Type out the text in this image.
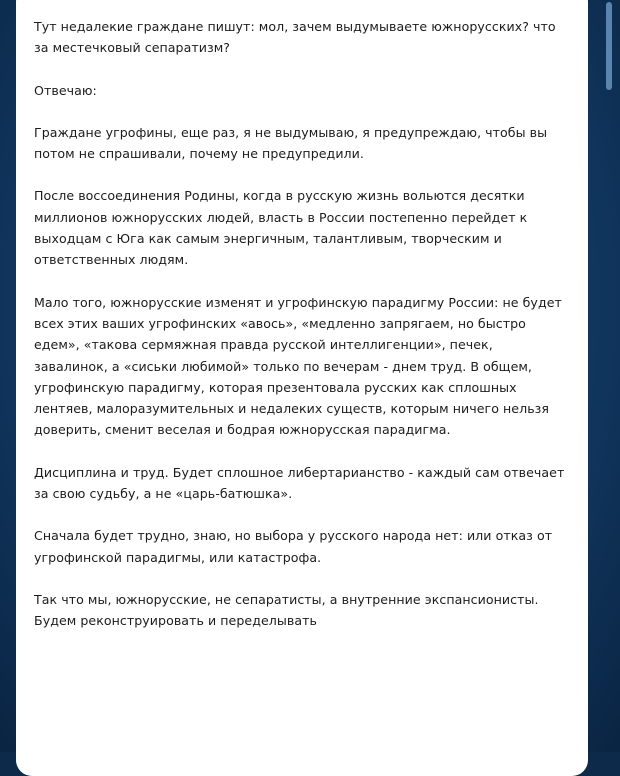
Тут недалекие граждане пишут: мол, зачем выдумываете южнорусских? что за местечковый сепаратизм?

Отвечаю:

Граждане угрофины, еще раз, я не выдумываю, я предупреждаю, чтобы вы потом не спрашивали, почему не предупредили.

После воссоединения Родины, когда в русскую жизнь вольются десятки миллионов южнорусских людей, власть в России постепенно перейдет к выходцам с Юга как самым энергичным, талантливым, творческим и ответственных людям.

Мало того, южнорусские изменят и угрофинскую парадигму России: не будет всех этих ваших угрофинских «авось», «медленно запрягаем, но быстро едем», «такова сермяжная правда русской интеллигенции», печек, завалинок, а «сиськи любимой» только по вечерам - днем труд. В общем, угрофинскую парадигму, которая презентовала русских как сплошных лентяев, малоразумительных и недалеких существ, которым ничего нельзя доверить, сменит веселая и бодрая южнорусская парадигма.

Дисциплина и труд. Будет сплошное либертарианство - каждый сам отвечает за свою судьбу, а не «царь-батюшка».

Сначала будет трудно, знаю, но выбора у русского народа нет: или отказ от угрофинской парадигмы, или катастрофа.

Так что мы, южнорусские, не сепаратисты, а внутренние экспансионисты. Будем реконструировать и переделывать
